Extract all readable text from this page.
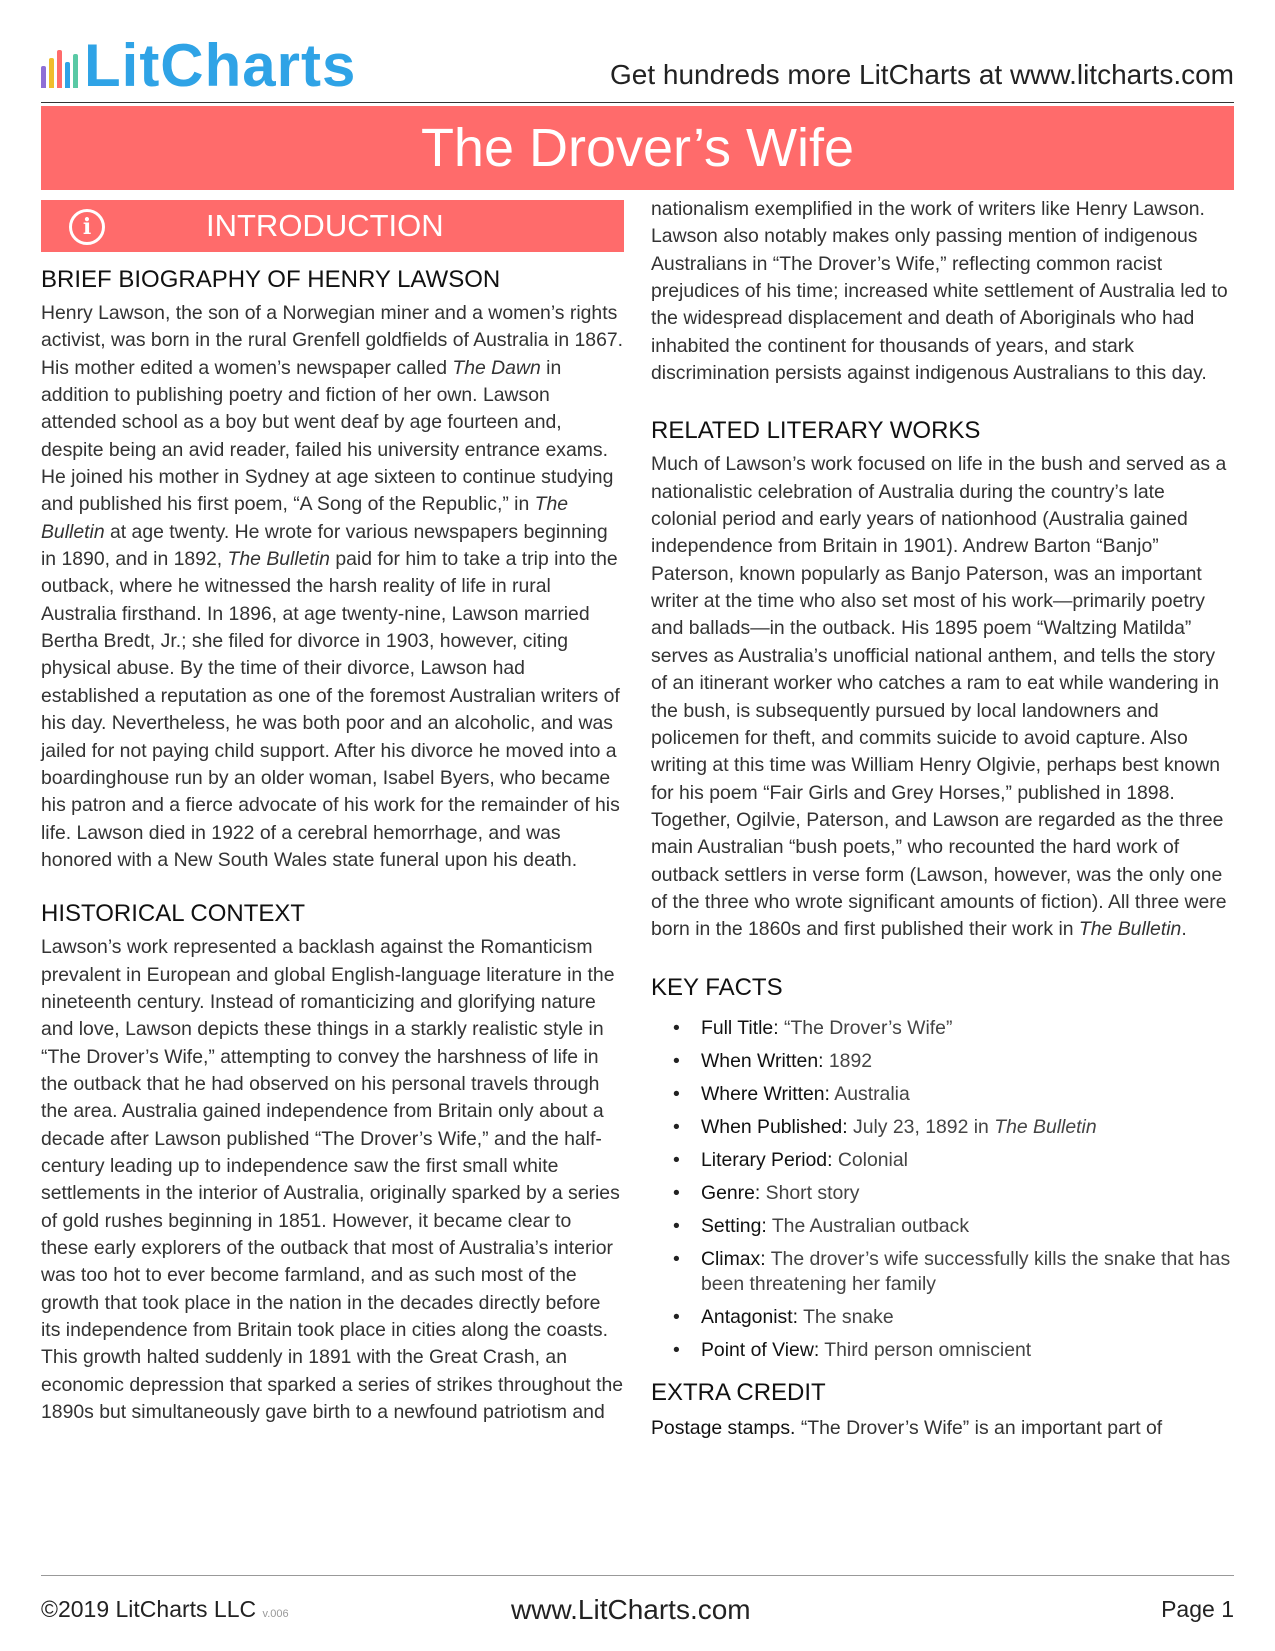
LitCharts	Get hundreds more LitCharts at www.litcharts.com
The Drover’s Wife
i	INTRODUCTION
BRIEF BIOGRAPHY OF HENRY LAWSON

Henry Lawson, the son of a Norwegian miner and a women’s rights activist, was born in the rural Grenfell goldfields of Australia in 1867. His mother edited a women’s newspaper called The Dawn in addition to publishing poetry and fiction of her own. Lawson attended school as a boy but went deaf by age fourteen and, despite being an avid reader, failed his university entrance exams. He joined his mother in Sydney at age sixteen to continue studying and published his first poem, “A Song of the Republic,” in The Bulletin at age twenty. He wrote for various newspapers beginning in 1890, and in 1892, The Bulletin paid for him to take a trip into the outback, where he witnessed the harsh reality of life in rural Australia firsthand. In 1896, at age twenty-nine, Lawson married Bertha Bredt, Jr.; she filed for divorce in 1903, however, citing physical abuse. By the time of their divorce, Lawson had established a reputation as one of the foremost Australian writers of his day. Nevertheless, he was both poor and an alcoholic, and was jailed for not paying child support. After his divorce he moved into a boardinghouse run by an older woman, Isabel Byers, who became his patron and a fierce advocate of his work for the remainder of his life. Lawson died in 1922 of a cerebral hemorrhage, and was honored with a New South Wales state funeral upon his death.

HISTORICAL CONTEXT

Lawson’s work represented a backlash against the Romanticism prevalent in European and global English-language literature in the nineteenth century. Instead of romanticizing and glorifying nature and love, Lawson depicts these things in a starkly realistic style in “The Drover’s Wife,” attempting to convey the harshness of life in the outback that he had observed on his personal travels through the area. Australia gained independence from Britain only about a decade after Lawson published “The Drover’s Wife,” and the half-century leading up to independence saw the first small white settlements in the interior of Australia, originally sparked by a series of gold rushes beginning in 1851. However, it became clear to these early explorers of the outback that most of Australia’s interior was too hot to ever become farmland, and as such most of the growth that took place in the nation in the decades directly before its independence from Britain took place in cities along the coasts. This growth halted suddenly in 1891 with the Great Crash, an economic depression that sparked a series of strikes throughout the 1890s but simultaneously gave birth to a newfound patriotism and

nationalism exemplified in the work of writers like Henry Lawson. Lawson also notably makes only passing mention of indigenous Australians in “The Drover’s Wife,” reflecting common racist prejudices of his time; increased white settlement of Australia led to the widespread displacement and death of Aboriginals who had inhabited the continent for thousands of years, and stark discrimination persists against indigenous Australians to this day.

RELATED LITERARY WORKS

Much of Lawson’s work focused on life in the bush and served as a nationalistic celebration of Australia during the country’s late colonial period and early years of nationhood (Australia gained independence from Britain in 1901). Andrew Barton “Banjo” Paterson, known popularly as Banjo Paterson, was an important writer at the time who also set most of his work—primarily poetry and ballads—in the outback. His 1895 poem “Waltzing Matilda” serves as Australia’s unofficial national anthem, and tells the story of an itinerant worker who catches a ram to eat while wandering in the bush, is subsequently pursued by local landowners and policemen for theft, and commits suicide to avoid capture. Also writing at this time was William Henry Olgivie, perhaps best known for his poem “Fair Girls and Grey Horses,” published in 1898. Together, Ogilvie, Paterson, and Lawson are regarded as the three main Australian “bush poets,” who recounted the hard work of outback settlers in verse form (Lawson, however, was the only one of the three who wrote significant amounts of fiction). All three were born in the 1860s and first published their work in The Bulletin.

KEY FACTS
• Full Title: “The Drover’s Wife”
• When Written: 1892
• Where Written: Australia
• When Published: July 23, 1892 in The Bulletin
• Literary Period: Colonial
• Genre: Short story
• Setting: The Australian outback
• Climax: The drover’s wife successfully kills the snake that has been threatening her family
• Antagonist: The snake
• Point of View: Third person omniscient
EXTRA CREDIT

Postage stamps. “The Drover’s Wife” is an important part of

©2019 LitCharts LLC v.006	www.LitCharts.com	Page 1
